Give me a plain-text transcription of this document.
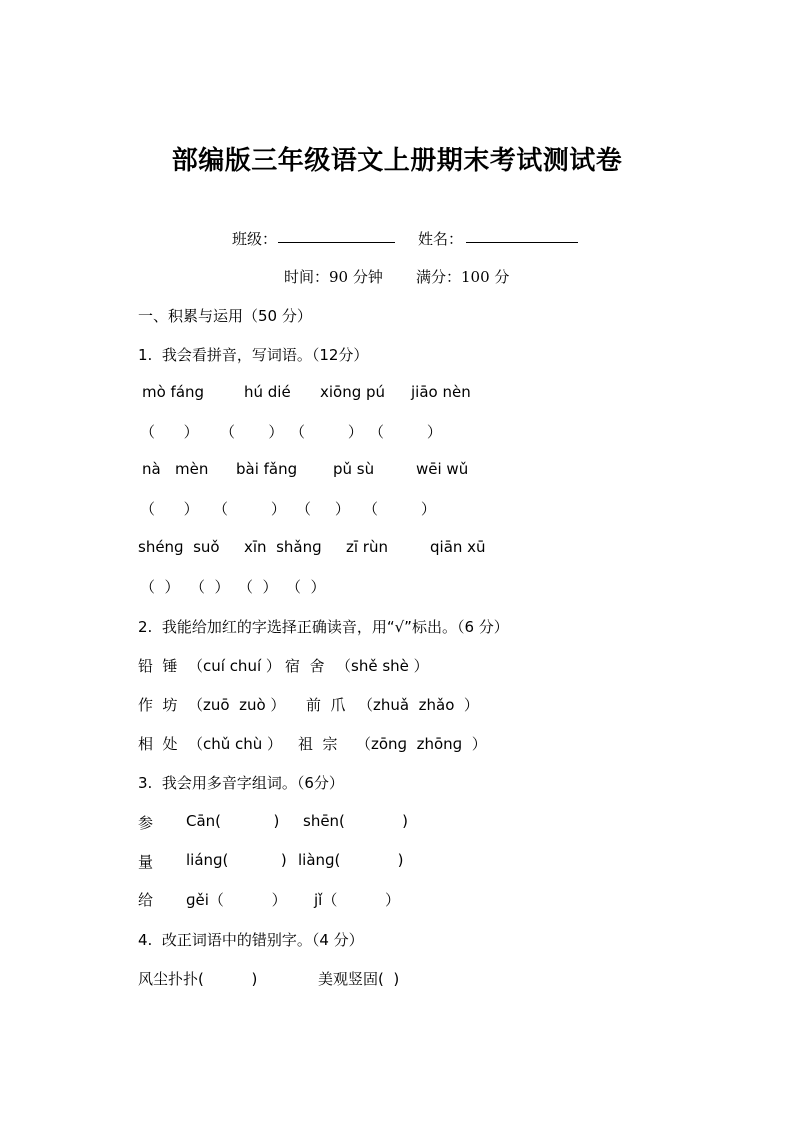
部编版三年级语文上册期末考试测试卷
班级：	姓名：
时间：90 分钟 满分：100 分
一、积累与运用（50 分）
1.  我会看拼音，写词语。（12分）
mò fáng	hú dié xiōng pú jiāo nèn
（      ） （       ） （         ） （         ）
nà   mèn bài fǎng pǔ sù	wēi wǔ
（      ） （         ） （     ） （         ）
shénɡ  suǒ xīn  shǎnɡ zī rùn	qiān xū
（  ） （  ） （  ） （  ）
2.  我能给加红的字选择正确读音，用“√”标出。（6 分）
铅  锤 （cuí chuí ） 宿  舍 （shě shè ）
作  坊 （zuō  zuò ） 前  爪 （zhuǎ  zhǎo  ）
相  处 （chǔ chù ） 祖  宗 （zōnɡ  zhōnɡ  ）
3.  我会用多音字组词。（6分）
参 Cān(           ) shēn(            )
量 liánɡ(           ) liànɡ(            )
给 ɡěi（          ） jǐ（          ）
4.  改正词语中的错别字。（4 分）
风尘扑扑(          )	美观竖固(  )
